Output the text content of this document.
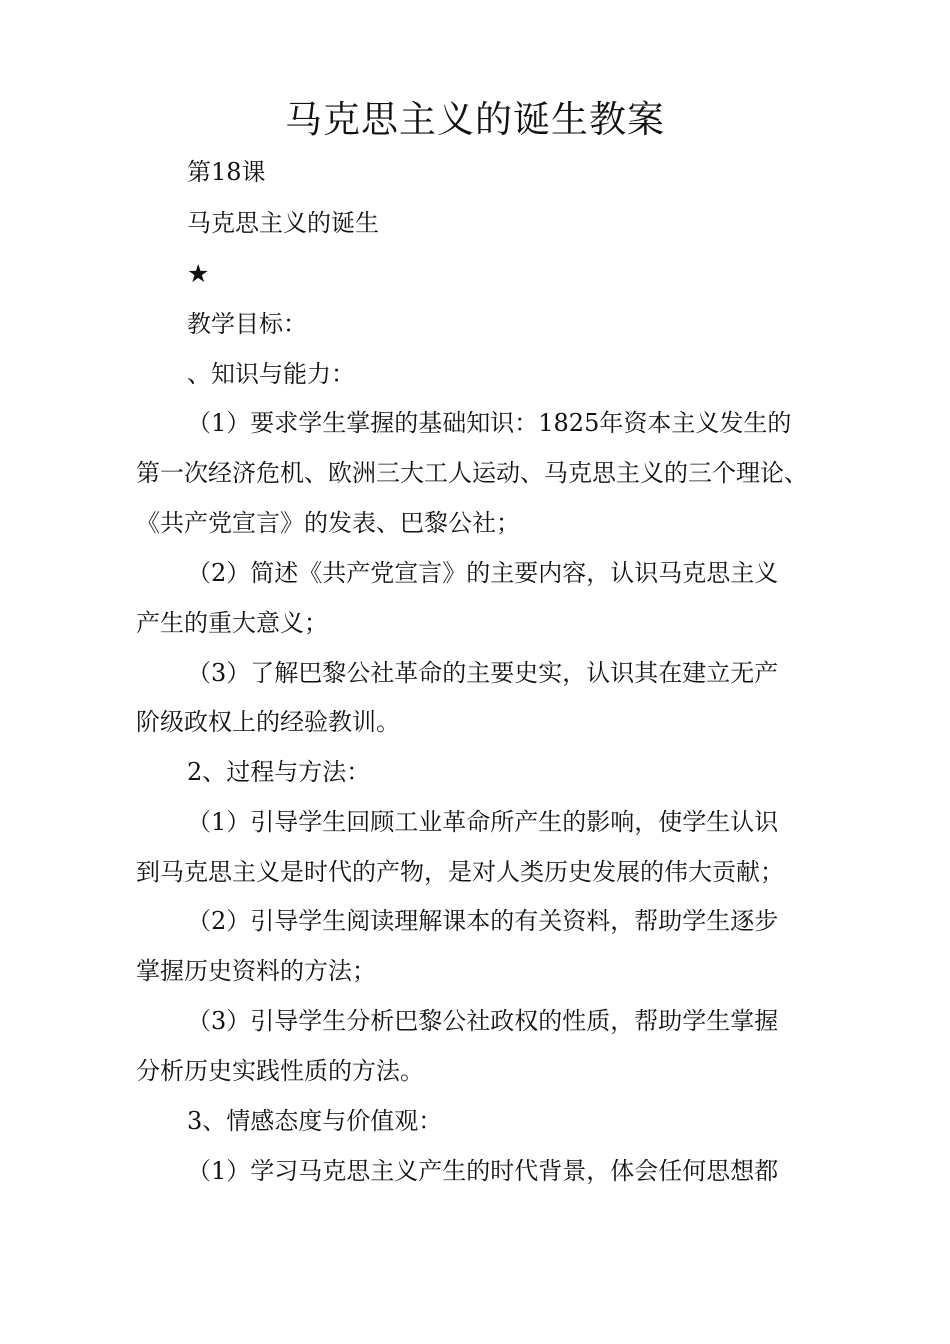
马克思主义的诞生教案

第18课

马克思主义的诞生

★

教学目标：

、知识与能力：

（1）要求学生掌握的基础知识：1825年资本主义发生的

第一次经济危机、欧洲三大工人运动、马克思主义的三个理论、

《共产党宣言》的发表、巴黎公社；

（2）简述《共产党宣言》的主要内容，认识马克思主义

产生的重大意义；

（3）了解巴黎公社革命的主要史实，认识其在建立无产

阶级政权上的经验教训。

2、过程与方法：

（1）引导学生回顾工业革命所产生的影响，使学生认识

到马克思主义是时代的产物，是对人类历史发展的伟大贡献；

（2）引导学生阅读理解课本的有关资料，帮助学生逐步

掌握历史资料的方法；

（3）引导学生分析巴黎公社政权的性质，帮助学生掌握

分析历史实践性质的方法。

3、情感态度与价值观：

（1）学习马克思主义产生的时代背景，体会任何思想都
